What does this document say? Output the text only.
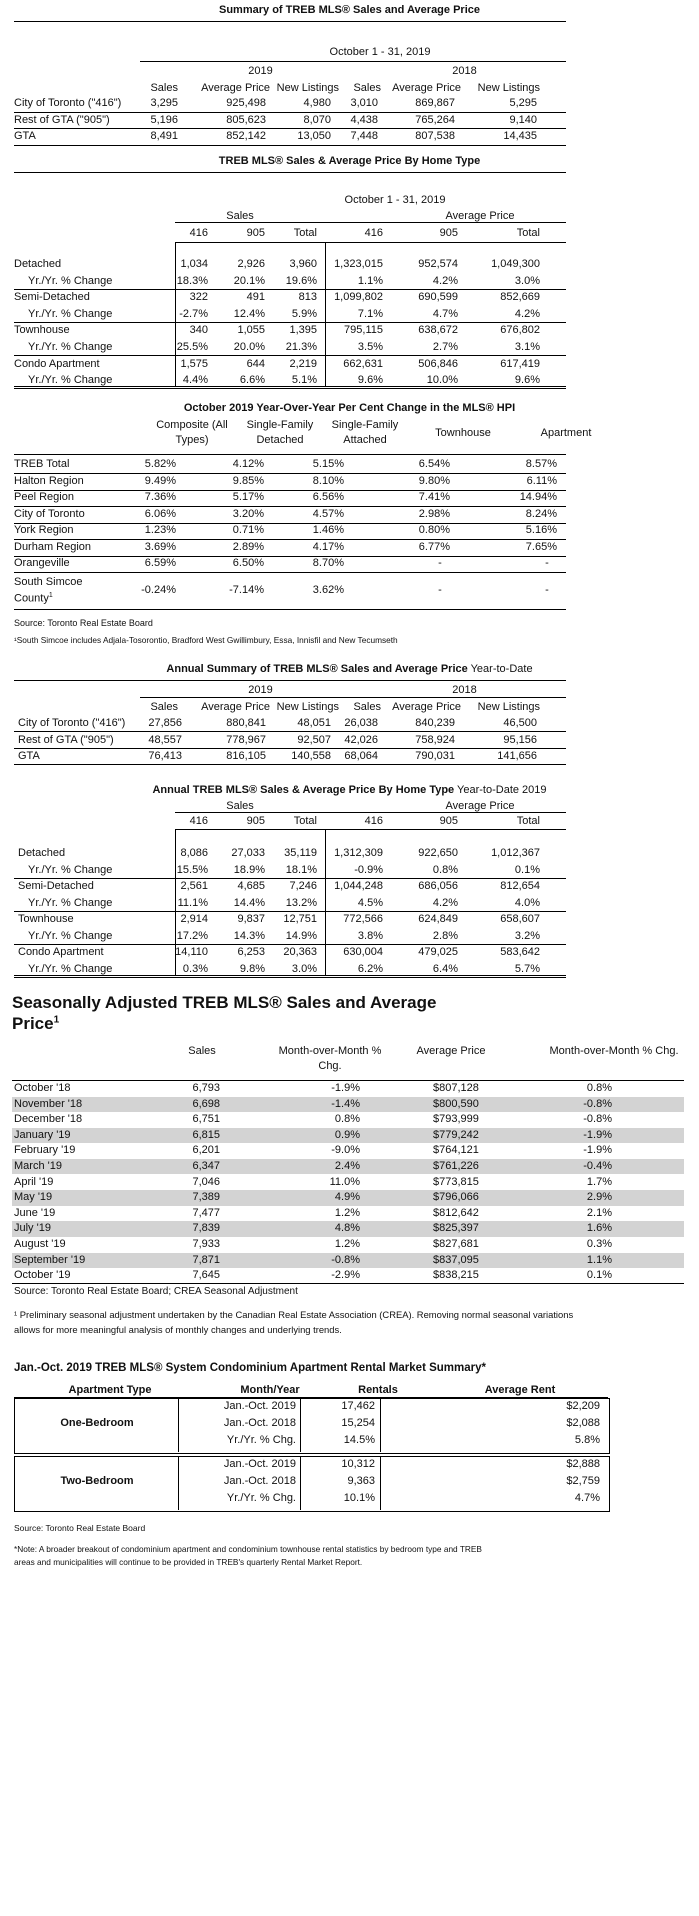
Summary of TREB MLS® Sales and Average Price
October 1 - 31, 2019
2019	2018
Sales	Average Price New Listings	Sales	Average Price	New Listings
City of Toronto ("416")	3,295	925,498	4,980	3,010	869,867	5,295
Rest of GTA ("905")	5,196	805,623	8,070	4,438	765,264	9,140
GTA	8,491	852,142	13,050	7,448	807,538	14,435
TREB MLS® Sales & Average Price By Home Type
October 1 - 31, 2019
Sales	Average Price
416	905	Total	416	905	Total
Detached	1,034	2,926	3,960	1,323,015	952,574	1,049,300
Yr./Yr. % Change	18.3%	20.1%	19.6%	1.1%	4.2%	3.0%
Semi-Detached	322	491	813	1,099,802	690,599	852,669
Yr./Yr. % Change	-2.7%	12.4%	5.9%	7.1%	4.7%	4.2%
Townhouse	340	1,055	1,395	795,115	638,672	676,802
Yr./Yr. % Change	25.5%	20.0%	21.3%	3.5%	2.7%	3.1%
Condo Apartment	1,575	644	2,219	662,631	506,846	617,419
Yr./Yr. % Change	4.4%	6.6%	5.1%	9.6%	10.0%	9.6%
October 2019 Year-Over-Year Per Cent Change in the MLS® HPI
Composite (All Types)
Single-Family Detached
Single-Family Attached
Townhouse	Apartment
TREB Total	5.82%	4.12%	5.15%	6.54%	8.57%
Halton Region	9.49%	9.85%	8.10%	9.80%	6.11%
Peel Region	7.36%	5.17%	6.56%	7.41%	14.94%
City of Toronto	6.06%	3.20%	4.57%	2.98%	8.24%
York Region	1.23%	0.71%	1.46%	0.80%	5.16%
Durham Region	3.69%	2.89%	4.17%	6.77%	7.65%
Orangeville	6.59%	6.50%	8.70%	-	-
South Simcoe
County$^1$	-0.24%	-7.14%	3.62%	-	-
Source: Toronto Real Estate Board
¹South Simcoe includes Adjala-Tosorontio, Bradford West Gwillimbury, Essa, Innisfil and New Tecumseth
Annual Summary of TREB MLS® Sales and Average Price Year-to-Date
2019	2018
Sales	Average Price New Listings	Sales	Average Price	New Listings
City of Toronto ("416")	27,856	880,841	48,051	26,038	840,239	46,500
Rest of GTA ("905")	48,557	778,967	92,507	42,026	758,924	95,156
GTA	76,413	816,105	140,558	68,064	790,031	141,656
Annual TREB MLS® Sales & Average Price By Home Type Year-to-Date 2019
Sales	Average Price
416	905	Total	416	905	Total
Detached	8,086	27,033	35,119	1,312,309	922,650	1,012,367
Yr./Yr. % Change	15.5%	18.9%	18.1%	-0.9%	0.8%	0.1%
Semi-Detached	2,561	4,685	7,246	1,044,248	686,056	812,654
Yr./Yr. % Change	11.1%	14.4%	13.2%	4.5%	4.2%	4.0%
Townhouse	2,914	9,837	12,751	772,566	624,849	658,607
Yr./Yr. % Change	17.2%	14.3%	14.9%	3.8%	2.8%	3.2%
Condo Apartment	14,110	6,253	20,363	630,004	479,025	583,642
Yr./Yr. % Change	0.3%	9.8%	3.0%	6.2%	6.4%	5.7%
Seasonally Adjusted TREB MLS® Sales and Average
Price$^1$
Sales	Month-over-Month % Chg.
Average Price	Month-over-Month % Chg.
October '18	6,793	-1.9%	$807,128	0.8%
November '18	6,698	-1.4%	$800,590	-0.8%
December '18	6,751	0.8%	$793,999	-0.8%
January '19	6,815	0.9%	$779,242	-1.9%
February '19	6,201	-9.0%	$764,121	-1.9%
March '19	6,347	2.4%	$761,226	-0.4%
April '19	7,046	11.0%	$773,815	1.7%
May '19	7,389	4.9%	$796,066	2.9%
June '19	7,477	1.2%	$812,642	2.1%
July '19	7,839	4.8%	$825,397	1.6%
August '19	7,933	1.2%	$827,681	0.3%
September '19	7,871	-0.8%	$837,095	1.1%
October '19	7,645	-2.9%	$838,215	0.1%
Source: Toronto Real Estate Board; CREA Seasonal Adjustment
¹ Preliminary seasonal adjustment undertaken by the Canadian Real Estate Association (CREA). Removing normal seasonal variations
allows for more meaningful analysis of monthly changes and underlying trends.
Jan.-Oct. 2019 TREB MLS® System Condominium Apartment Rental Market Summary*
Apartment Type	Month/Year	Rentals	Average Rent
One-Bedroom
Jan.-Oct. 2019	17,462	$2,209
Jan.-Oct. 2018	15,254	$2,088
Yr./Yr. % Chg.	14.5%	5.8%
Two-Bedroom
Jan.-Oct. 2019	10,312	$2,888
Jan.-Oct. 2018	9,363	$2,759
Yr./Yr. % Chg.	10.1%	4.7%
Source: Toronto Real Estate Board
*Note: A broader breakout of condominium apartment and condominium townhouse rental statistics by bedroom type and TREB
areas and municipalities will continue to be provided in TREB's quarterly Rental Market Report.
